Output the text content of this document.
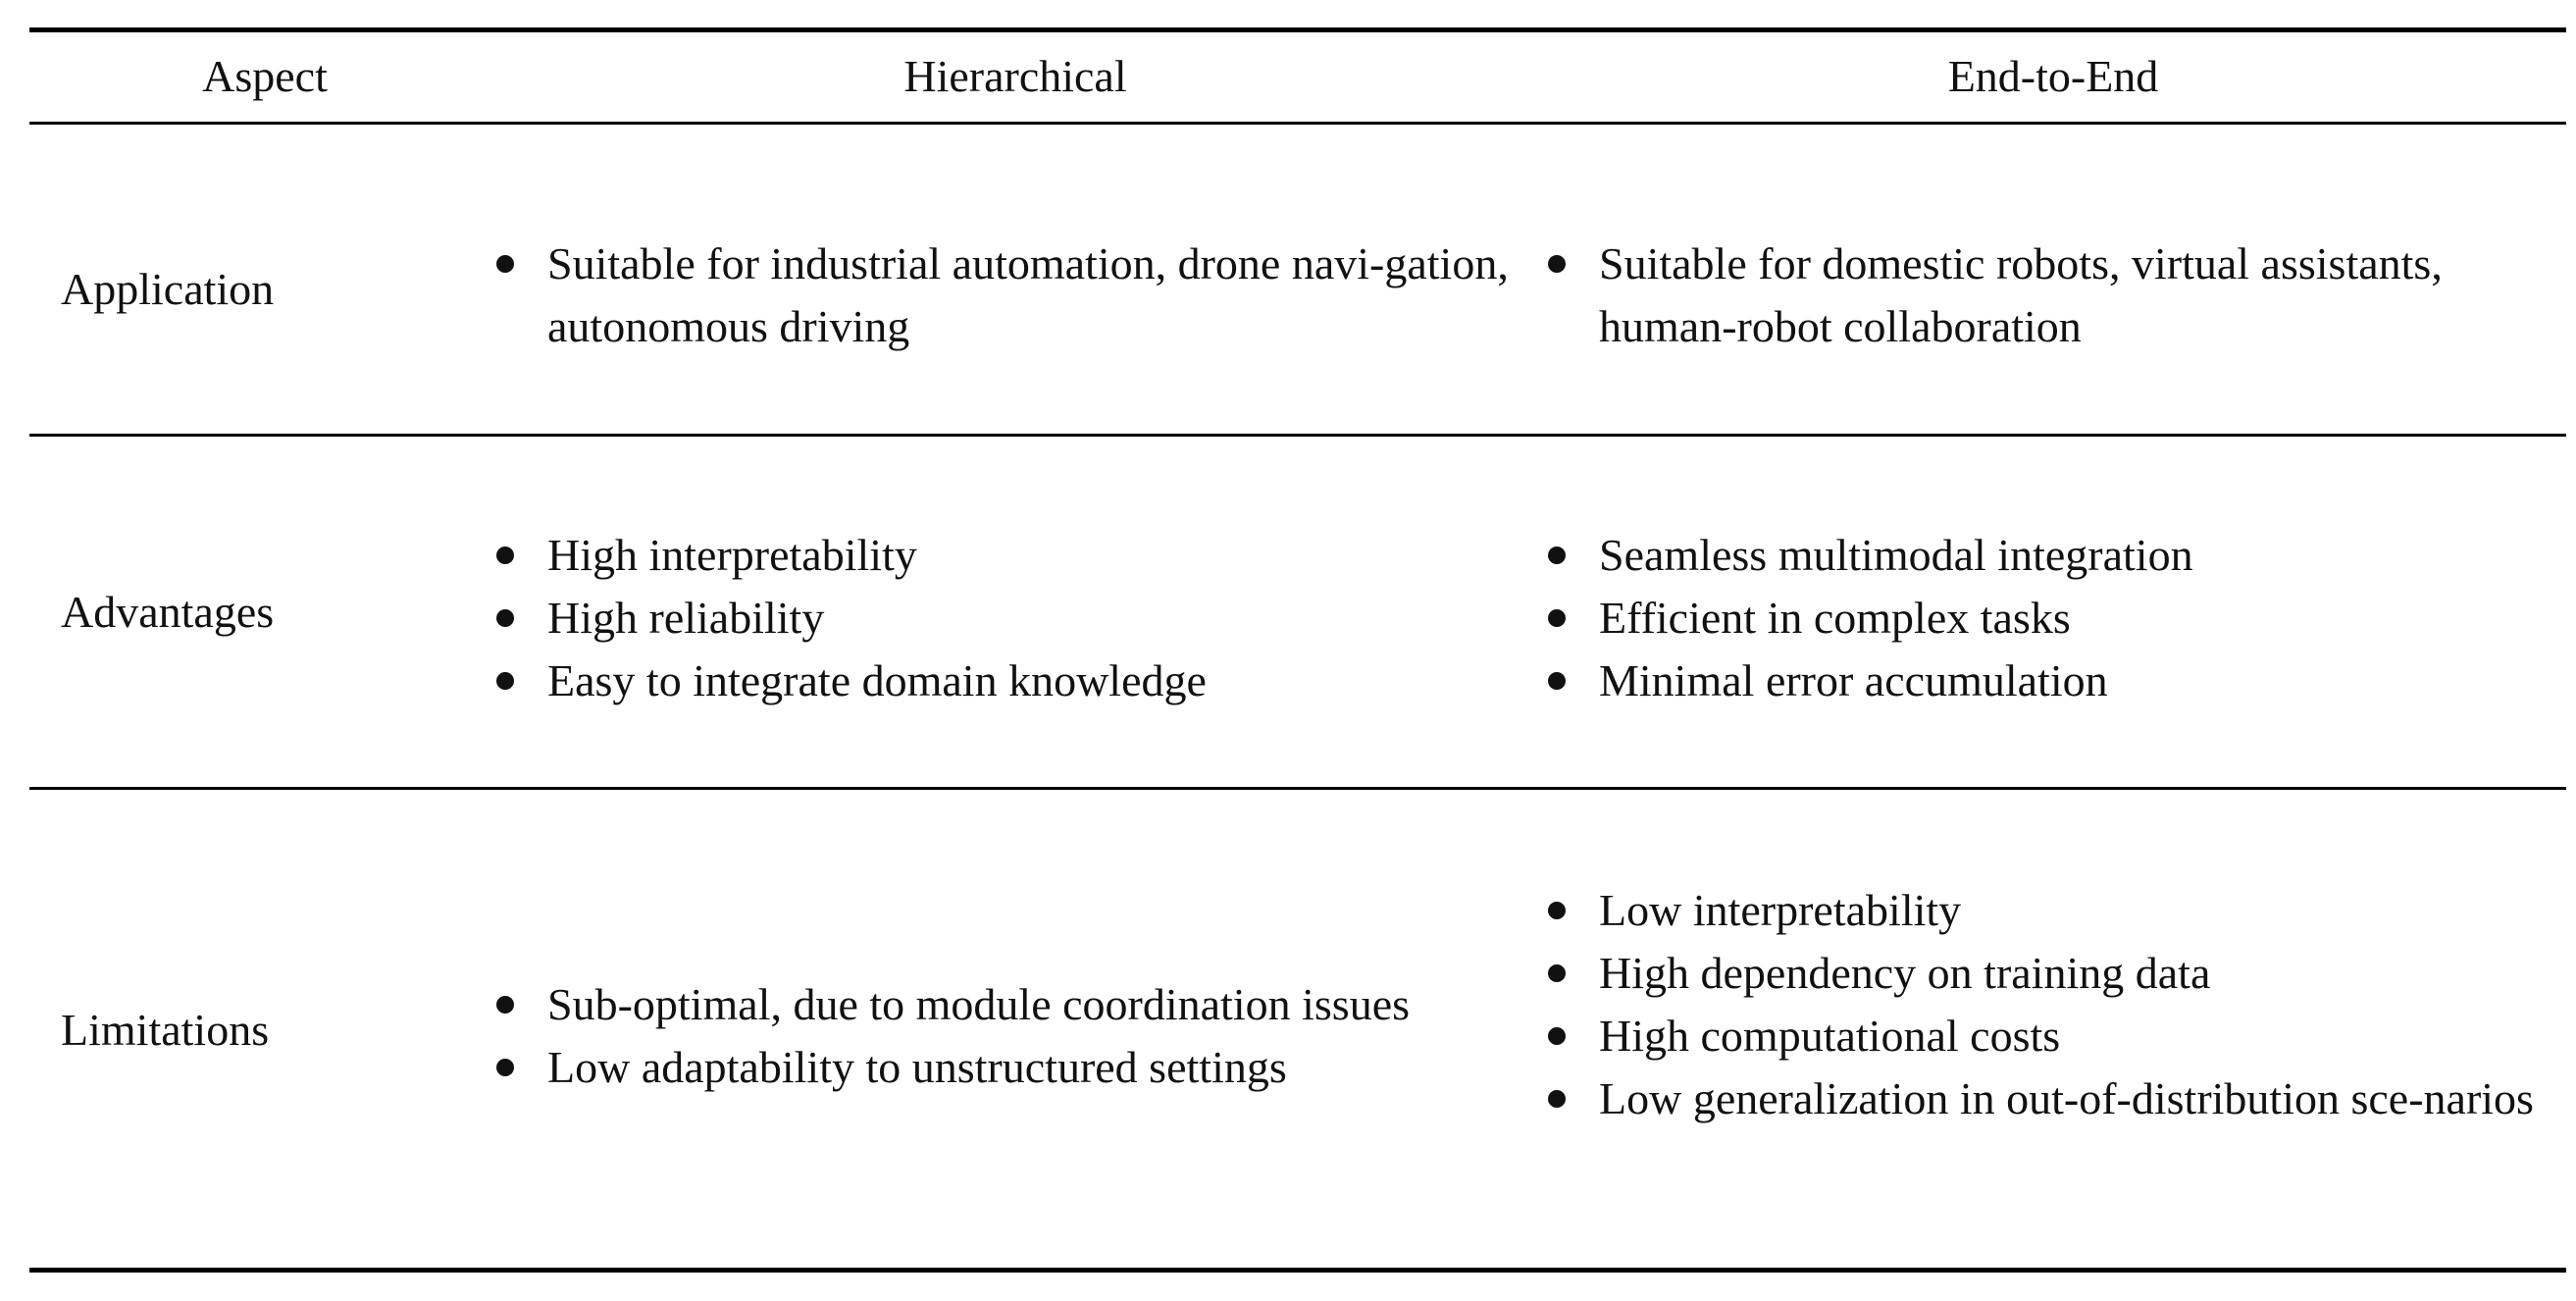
Aspect	Hierarchical	End-to-End
Application
Suitable for industrial automation, drone navi-gation, autonomous driving
Suitable for domestic robots, virtual assistants, human-robot collaboration
Advantages
High interpretability
High reliability
Easy to integrate domain knowledge
Seamless multimodal integration
Efficient in complex tasks
Minimal error accumulation
Limitations
Sub-optimal, due to module coordination issues
Low adaptability to unstructured settings
Low interpretability
High dependency on training data
High computational costs
Low generalization in out-of-distribution sce-narios
